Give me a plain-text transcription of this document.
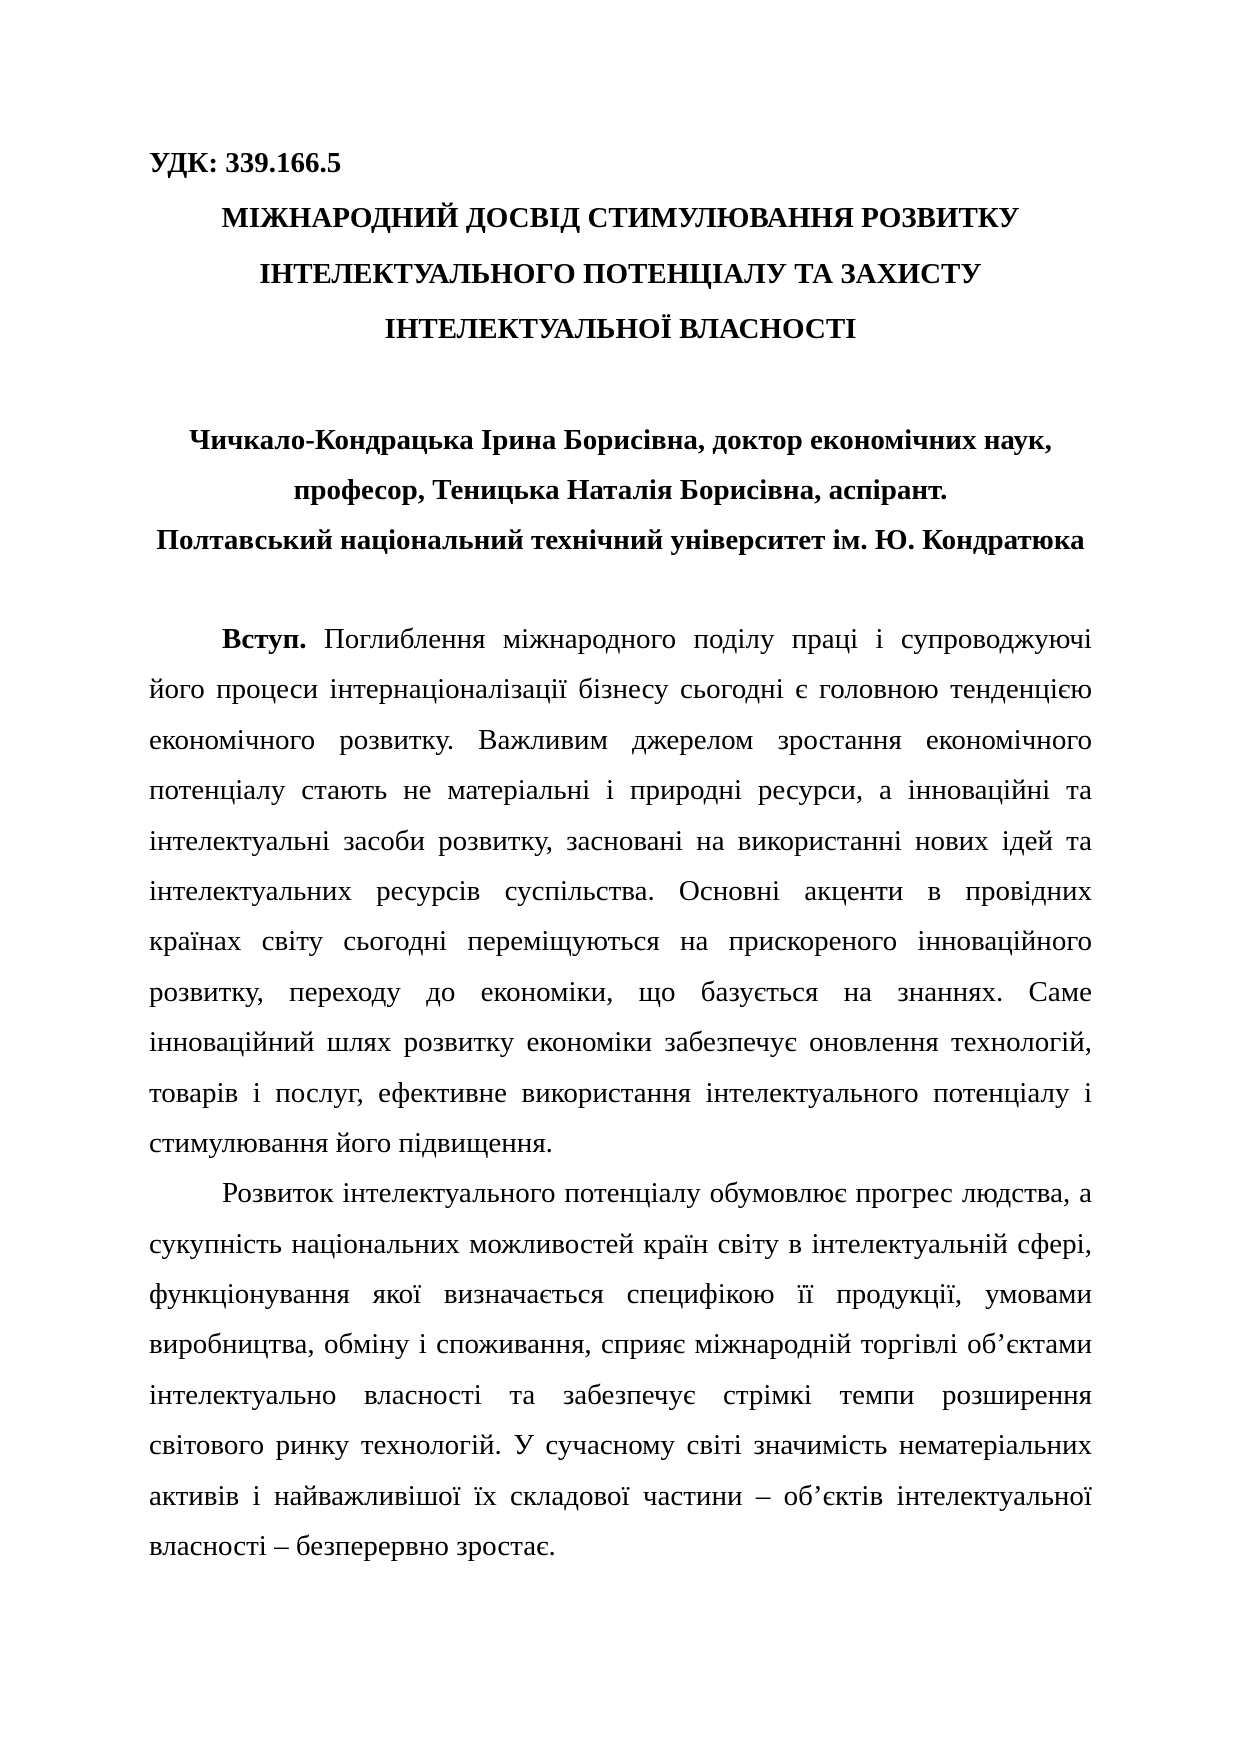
УДК: 339.166.5
МІЖНАРОДНИЙ ДОСВІД СТИМУЛЮВАННЯ РОЗВИТКУ
ІНТЕЛЕКТУАЛЬНОГО ПОТЕНЦІАЛУ ТА ЗАХИСТУ
ІНТЕЛЕКТУАЛЬНОЇ ВЛАСНОСТІ
Чичкало-Кондрацька Ірина Борисівна, доктор економічних наук,
професор, Теницька Наталія Борисівна, аспірант.
Полтавський національний технічний університет ім. Ю. Кондратюка
Вступ. Поглиблення міжнародного поділу праці і супроводжуючі
його процеси інтернаціоналізації бізнесу сьогодні є головною тенденцією
економічного розвитку. Важливим джерелом зростання економічного
потенціалу стають не матеріальні і природні ресурси, а інноваційні та
інтелектуальні засоби розвитку, засновані на використанні нових ідей та
інтелектуальних ресурсів суспільства. Основні акценти в провідних
країнах світу сьогодні переміщуються на прискореного інноваційного
розвитку, переходу до економіки, що базується на знаннях. Саме
інноваційний шлях розвитку економіки забезпечує оновлення технологій,
товарів і послуг, ефективне використання інтелектуального потенціалу і
стимулювання його підвищення.
Розвиток інтелектуального потенціалу обумовлює прогрес людства, а
сукупність національних можливостей країн світу в інтелектуальній сфері,
функціонування якої визначається специфікою її продукції, умовами
виробництва, обміну і споживання, сприяє міжнародній торгівлі об’єктами
інтелектуально власності та забезпечує стрімкі темпи розширення
світового ринку технологій. У сучасному світі значимість нематеріальних
активів і найважливішої їх складової частини – об’єктів інтелектуальної
власності – безперервно зростає.
